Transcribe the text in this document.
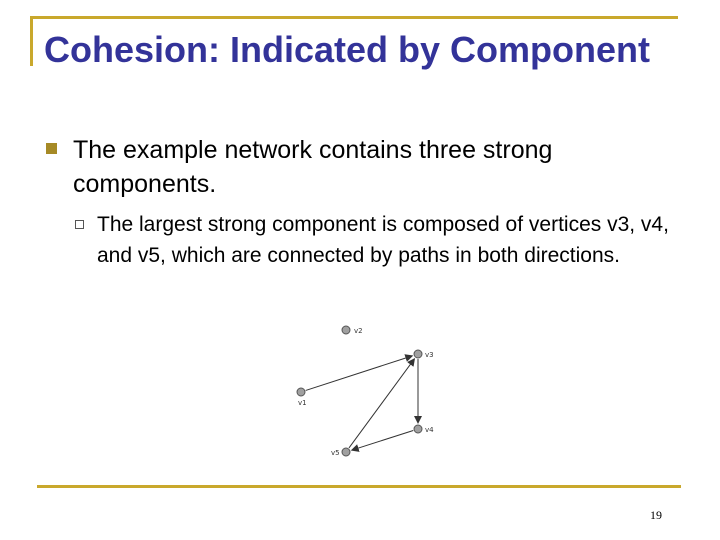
Cohesion: Indicated by Component

The example network contains three strong components.

The largest strong component is composed of vertices v3, v4, and v5, which are connected by paths in both directions.

v2
v3
v1
v4
v5
19
